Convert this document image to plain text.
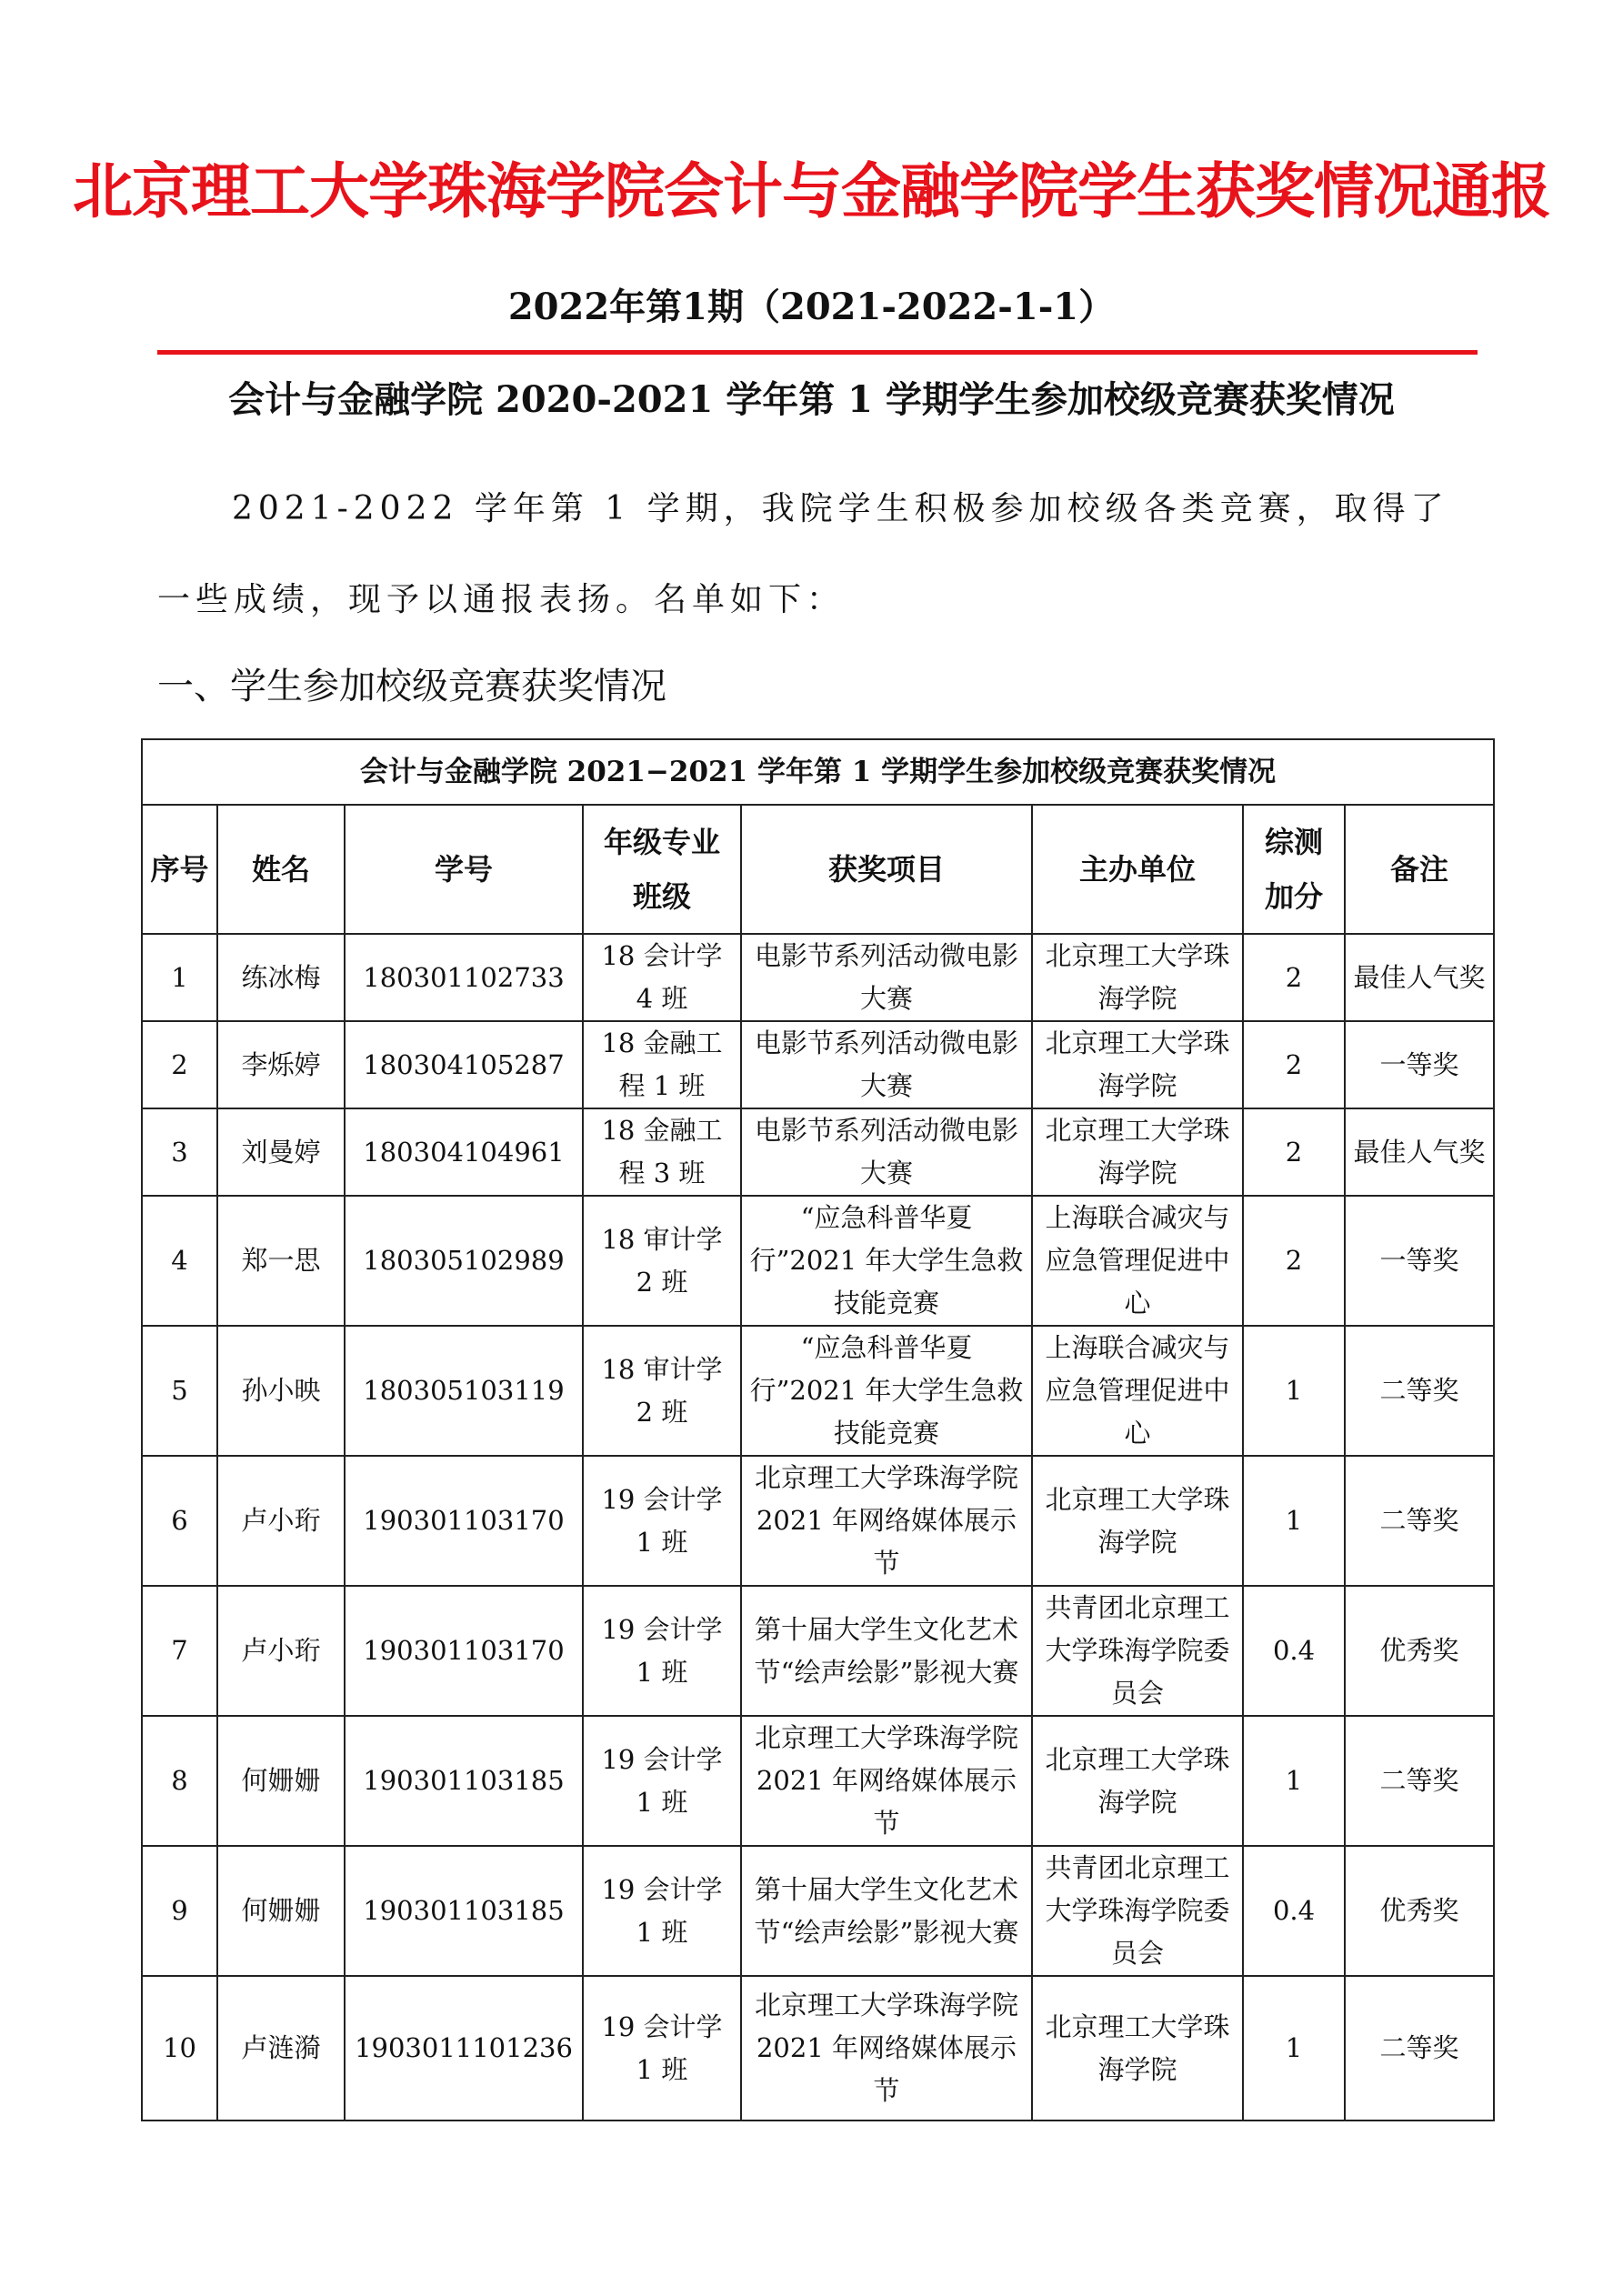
北京理工大学珠海学院会计与金融学院学生获奖情况通报
2022年第1期（2021-2022-1-1）
会计与金融学院 2020-2021 学年第 1 学期学生参加校级竞赛获奖情况

2021-2022 学年第 1 学期，我院学生积极参加校级各类竞赛，取得了一些成绩，现予以通报表扬。名单如下：

一、学生参加校级竞赛获奖情况
会计与金融学院 2021−2021 学年第 1 学期学生参加校级竞赛获奖情况							
序号	姓名	学号	年级专业班级	获奖项目	主办单位	综测加分	备注
1	练冰梅	180301102733	18 会计学 4 班	电影节系列活动微电影大赛	北京理工大学珠海学院	2	最佳人气奖
2	李烁婷	180304105287	18 金融工程 1 班	电影节系列活动微电影大赛	北京理工大学珠海学院	2	一等奖
3	刘曼婷	180304104961	18 金融工程 3 班	电影节系列活动微电影大赛	北京理工大学珠海学院	2	最佳人气奖
4	郑一思	180305102989	18 审计学 2 班	“应急科普华夏行”2021 年大学生急救技能竞赛	上海联合减灾与应急管理促进中心	2	一等奖
5	孙小映	180305103119	18 审计学 2 班	“应急科普华夏行”2021 年大学生急救技能竞赛	上海联合减灾与应急管理促进中心	1	二等奖
6	卢小珩	190301103170	19 会计学 1 班	北京理工大学珠海学院 2021 年网络媒体展示节	北京理工大学珠海学院	1	二等奖
7	卢小珩	190301103170	19 会计学 1 班	第十届大学生文化艺术节“绘声绘影”影视大赛	共青团北京理工大学珠海学院委员会	0.4	优秀奖
8	何姗姗	190301103185	19 会计学 1 班	北京理工大学珠海学院 2021 年网络媒体展示节	北京理工大学珠海学院	1	二等奖
9	何姗姗	190301103185	19 会计学 1 班	第十届大学生文化艺术节“绘声绘影”影视大赛	共青团北京理工大学珠海学院委员会	0.4	优秀奖
10	卢涟漪	1903011101236	19 会计学 1 班	北京理工大学珠海学院 2021 年网络媒体展示节	北京理工大学珠海学院	1	二等奖
